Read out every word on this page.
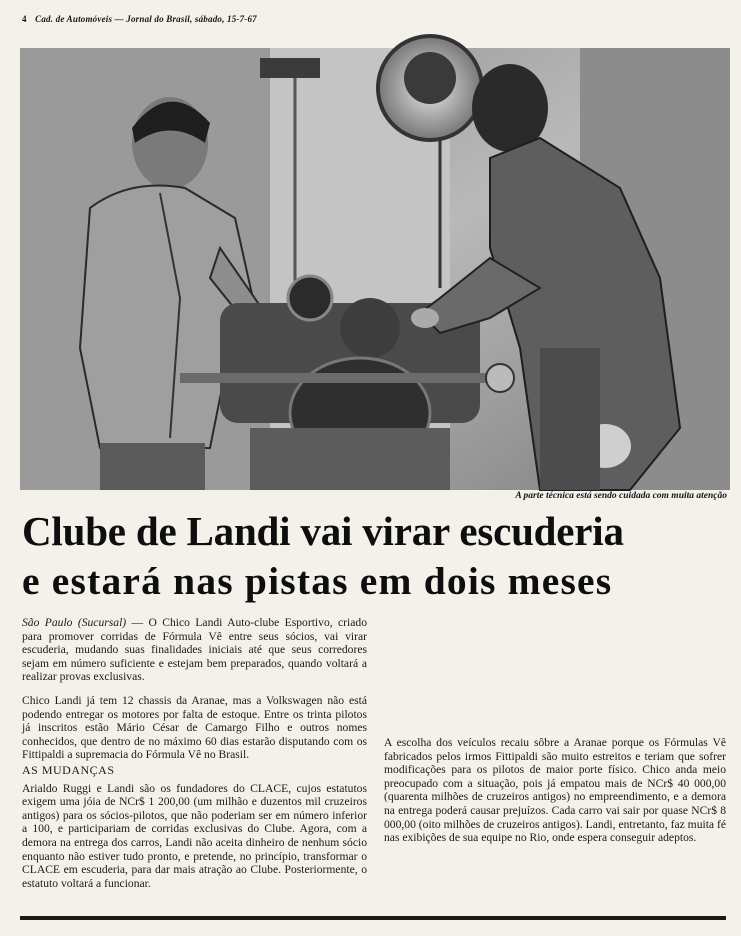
4 Cad. de Automóveis — Jornal do Brasil, sábado, 15-7-67
A parte técnica está sendo cuidada com muita atenção
Clube de Landi vai virar escuderia
e estará nas pistas em dois meses

São Paulo (Sucursal) — O Chico Landi Auto-clube Esportivo, criado para promover corridas de Fórmula Vê entre seus sócios, vai virar escuderia, mudando suas finalidades iniciais até que seus corredores sejam em número suficiente e estejam bem preparados, quando voltará a realizar provas exclusivas.

Chico Landi já tem 12 chassis da Aranae, mas a Volkswagen não está podendo entregar os motores por falta de estoque. Entre os trinta pilotos já inscritos estão Mário César de Camargo Filho e outros nomes conhecidos, que dentro de no máximo 60 dias estarão disputando com os Fittipaldi a supremacia do Fórmula Vê no Brasil.

AS MUDANÇAS

Arialdo Ruggi e Landi são os fundadores do CLACE, cujos estatutos exigem uma jóia de NCr$ 1 200,00 (um milhão e duzentos mil cruzeiros antigos) para os sócios-pilotos, que não poderiam ser em número inferior a 100, e participariam de corridas exclusivas do Clube. Agora, com a demora na entrega dos carros, Landi não aceita dinheiro de nenhum sócio enquanto não estiver tudo pronto, e pretende, no princípio, transformar o CLACE em escuderia, para dar mais atração ao Clube. Posteriormente, o estatuto voltará a funcionar.

A escolha dos veículos recaiu sôbre a Aranae porque os Fórmulas Vê fabricados pelos irmos Fittipaldi são muito estreitos e teriam que sofrer modificações para os pilotos de maior porte físico. Chico anda meio preocupado com a situação, pois já empatou mais de NCr$ 40 000,00 (quarenta milhões de cruzeiros antigos) no empreendimento, e a demora na entrega poderá causar prejuízos. Cada carro vai sair por quase NCr$ 8 000,00 (oito milhões de cruzeiros antigos). Landi, entretanto, faz muita fé nas exibições de sua equipe no Rio, onde espera conseguir adeptos.
